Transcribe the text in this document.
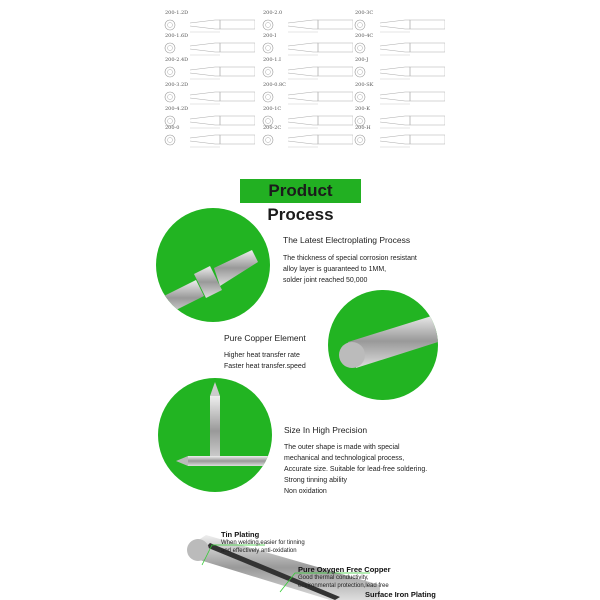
200-1.2D
200-1.6D
200-2.4D
200-3.2D
200-4.2D
200-0
200-2.0
200-I
200-1.I
200-0.8C
200-1C
200-2C
200-3C
200-4C
200-J
200-SK
200-K
200-H
Product Process
The Latest Electroplating Process
The thickness of special corrosion resistant
alloy layer is guaranteed to 1MM,
solder joint reached 50,000
Pure Copper Element
Higher heat transfer rate
Faster heat transfer.speed
Size In High Precision
The outer shape is made with special
mechanical and technological process,
Accurate size. Suitable for lead-free soldering.
Strong tinning ability
Non oxidation
Tin Plating
When welding,easier for tinning
and effectively anti-oxidation
Pure Oxygen Free Copper
Good thermal conductivity,
environmental protection,lead free
Surface Iron Plating
